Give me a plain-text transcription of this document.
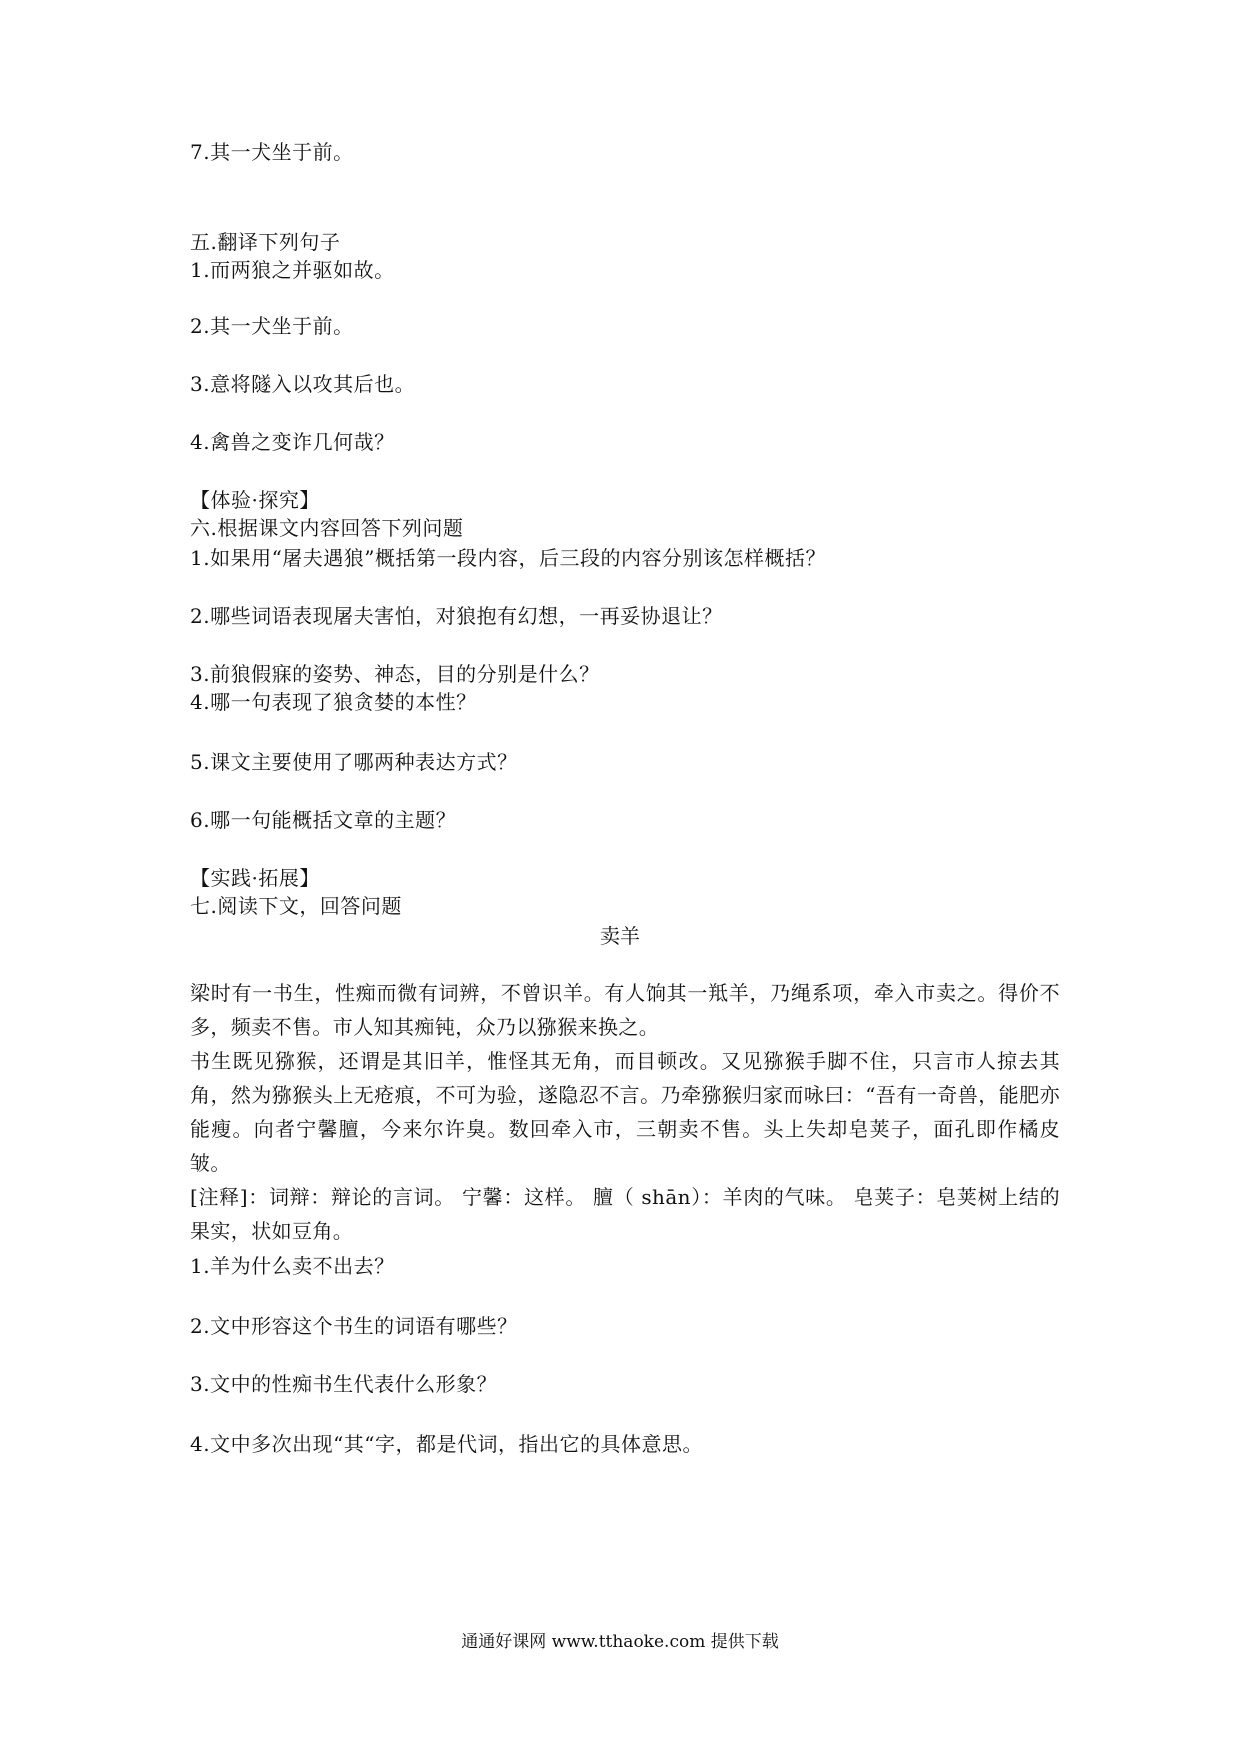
7.其一犬坐于前。
五.翻译下列句子
1.而两狼之并驱如故。
2.其一犬坐于前。
3.意将隧入以攻其后也。
4.禽兽之变诈几何哉？
【体验·探究】
六.根据课文内容回答下列问题
1.如果用“屠夫遇狼”概括第一段内容，后三段的内容分别该怎样概括？
2.哪些词语表现屠夫害怕，对狼抱有幻想，一再妥协退让？
3.前狼假寐的姿势、神态，目的分别是什么？
4.哪一句表现了狼贪婪的本性？
5.课文主要使用了哪两种表达方式？
6.哪一句能概括文章的主题？
【实践·拓展】
七.阅读下文，回答问题
卖羊
梁时有一书生，性痴而微有词辨，不曾识羊。有人饷其一羝羊，乃绳系项，牵入市卖之。得价不多，频卖不售。市人知其痴钝，众乃以猕猴来换之。
书生既见猕猴，还谓是其旧羊，惟怪其无角，而目顿改。又见猕猴手脚不住，只言市人掠去其角，然为猕猴头上无疮痕，不可为验，遂隐忍不言。乃牵猕猴归家而咏曰：“吾有一奇兽，能肥亦能瘦。向者宁馨膻，今来尔许臭。数回牵入市，三朝卖不售。头上失却皂荚子，面孔即作橘皮皱。
[注释]：词辩：辩论的言词。 宁馨：这样。 膻（ shān）：羊肉的气味。 皂荚子：皂荚树上结的果实，状如豆角。
1.羊为什么卖不出去？
2.文中形容这个书生的词语有哪些？
3.文中的性痴书生代表什么形象？
4.文中多次出现“其“字，都是代词，指出它的具体意思。
通通好课网 www.tthaoke.com 提供下载
